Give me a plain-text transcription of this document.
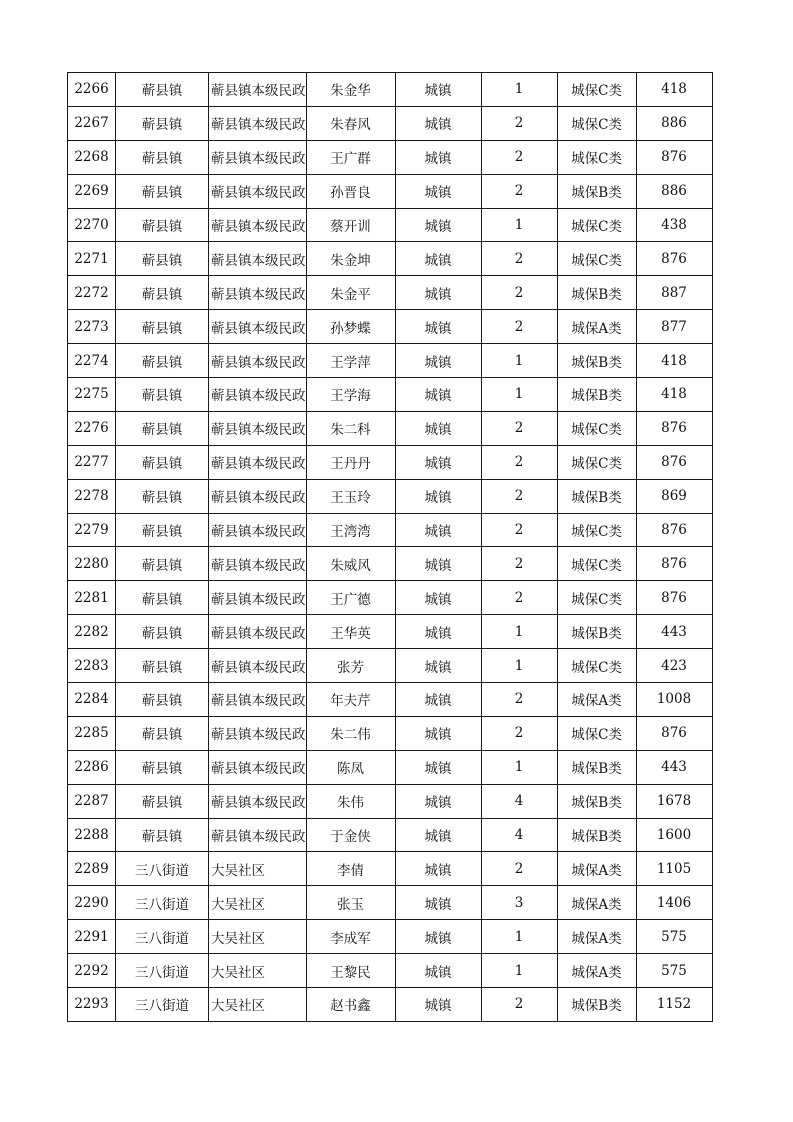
2266	蕲县镇	蕲县镇本级民政	朱金华	城镇	1	城保C类	418
2267	蕲县镇	蕲县镇本级民政	朱春风	城镇	2	城保C类	886
2268	蕲县镇	蕲县镇本级民政	王广群	城镇	2	城保C类	876
2269	蕲县镇	蕲县镇本级民政	孙晋良	城镇	2	城保B类	886
2270	蕲县镇	蕲县镇本级民政	蔡开训	城镇	1	城保C类	438
2271	蕲县镇	蕲县镇本级民政	朱金坤	城镇	2	城保C类	876
2272	蕲县镇	蕲县镇本级民政	朱金平	城镇	2	城保B类	887
2273	蕲县镇	蕲县镇本级民政	孙梦蝶	城镇	2	城保A类	877
2274	蕲县镇	蕲县镇本级民政	王学萍	城镇	1	城保B类	418
2275	蕲县镇	蕲县镇本级民政	王学海	城镇	1	城保B类	418
2276	蕲县镇	蕲县镇本级民政	朱二科	城镇	2	城保C类	876
2277	蕲县镇	蕲县镇本级民政	王丹丹	城镇	2	城保C类	876
2278	蕲县镇	蕲县镇本级民政	王玉玲	城镇	2	城保B类	869
2279	蕲县镇	蕲县镇本级民政	王湾湾	城镇	2	城保C类	876
2280	蕲县镇	蕲县镇本级民政	朱威风	城镇	2	城保C类	876
2281	蕲县镇	蕲县镇本级民政	王广德	城镇	2	城保C类	876
2282	蕲县镇	蕲县镇本级民政	王华英	城镇	1	城保B类	443
2283	蕲县镇	蕲县镇本级民政	张芳	城镇	1	城保C类	423
2284	蕲县镇	蕲县镇本级民政	年夫芹	城镇	2	城保A类	1008
2285	蕲县镇	蕲县镇本级民政	朱二伟	城镇	2	城保C类	876
2286	蕲县镇	蕲县镇本级民政	陈凤	城镇	1	城保B类	443
2287	蕲县镇	蕲县镇本级民政	朱伟	城镇	4	城保B类	1678
2288	蕲县镇	蕲县镇本级民政	于金侠	城镇	4	城保B类	1600
2289	三八街道	大吴社区	李倩	城镇	2	城保A类	1105
2290	三八街道	大吴社区	张玉	城镇	3	城保A类	1406
2291	三八街道	大吴社区	李成军	城镇	1	城保A类	575
2292	三八街道	大吴社区	王黎民	城镇	1	城保A类	575
2293	三八街道	大吴社区	赵书鑫	城镇	2	城保B类	1152
